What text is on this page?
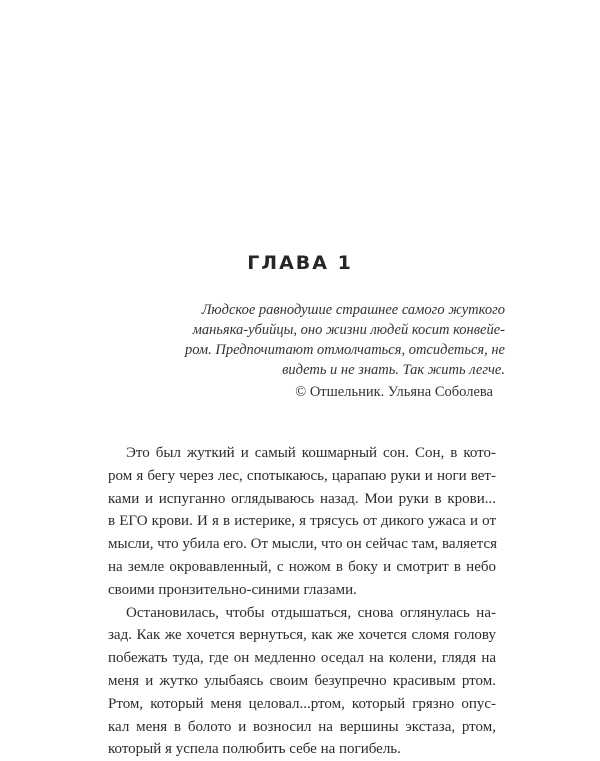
ГЛАВА 1
Людское равнодушие страшнее самого жуткого
маньяка-убийцы, оно жизни людей косит конвейе-
ром. Предпочитают отмолчаться, отсидеться, не
видеть и не знать. Так жить легче.
© Отшельник. Ульяна Соболева
Это был жуткий и самый кошмарный сон. Сон, в кото-
ром я бегу через лес, спотыкаюсь, царапаю руки и ноги вет-
ками и испуганно оглядываюсь назад. Мои руки в крови...
в ЕГО крови. И я в истерике, я трясусь от дикого ужаса и от
мысли, что убила его. От мысли, что он сейчас там, валяется
на земле окровавленный, с ножом в боку и смотрит в небо
своими пронзительно-синими глазами.
Остановилась, чтобы отдышаться, снова оглянулась на-
зад. Как же хочется вернуться, как же хочется сломя голову
побежать туда, где он медленно оседал на колени, глядя на
меня и жутко улыбаясь своим безупречно красивым ртом.
Ртом, который меня целовал...ртом, который грязно опус-
кал меня в болото и возносил на вершины экстаза, ртом,
который я успела полюбить себе на погибель.
